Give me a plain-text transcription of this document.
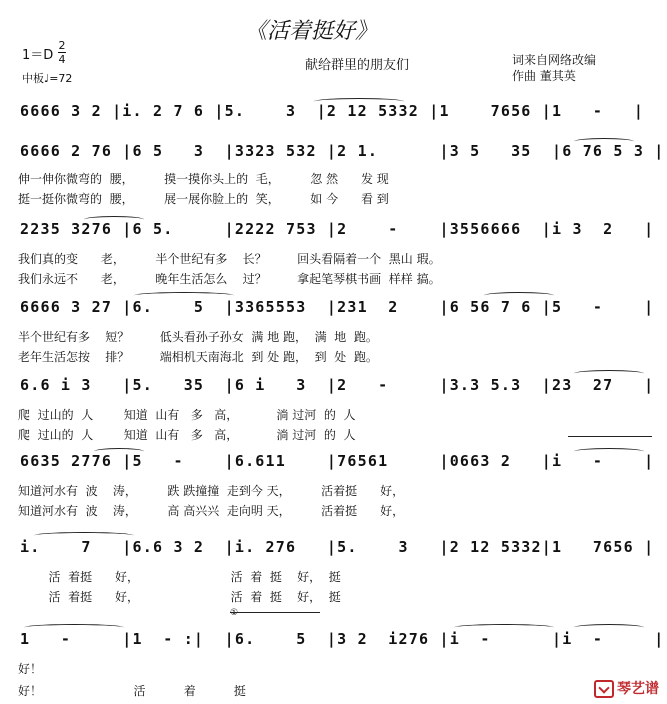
《活着挺好》
1＝D
2
4
中板♩=72
献给群里的朋友们	词来自网络改编
作曲 董其英
6666 3 2 |i. 2 7 6 |5.    3  |2 12 5332 |1    7656 |1   -   |
6666 2 76 |6 5   3  |3323 532 |2 1.      |3 5   35  |6 76 5 3 |
伸一伸你微弯的  腰，        摸一摸你头上的  毛，        忽 然      发 现
挺一挺你微弯的  腰，        展一展你脸上的  笑，        如 今      看 到
2235 3276 |6 5.     |2222 753 |2    -    |3556666  |i 3  2   |
我们真的变      老，        半个世纪有多    长？        回头看隔着一个  黑山 瑕。
我们永远不      老，        晚年生活怎么    过？        拿起笔琴棋书画  样样 搞。
6666 3 27 |6.    5  |3365553  |231  2    |6 56 7 6 |5   -    |
半个世纪有多    短？        低头看孙子孙女  满 地 跑，  满  地  跑。
老年生活怎按    排？        端相机天南海北  到 处 跑，  到  处  跑。
6.6 i 3   |5.   35  |6 i   3  |2   -     |3.3 5.3  |23  27   |
爬  过山的  人        知道  山有   多   高，          淌 过河  的  人
爬  过山的  人        知道  山有   多   高，          淌 过河  的  人
6635 2776 |5   -    |6.611    |76561     |0663 2   |i   -    |
知道河水有  波    涛，        跌 跌撞撞  走到今 天，        活着挺      好，
知道河水有  波    涛，        高 高兴兴  走向明 天，        活着挺      好，
i.    7   |6.6 3 2  |i. 276   |5.    3   |2 12 5332|1   7656 |
活  着挺      好，                        活  着  挺    好，  挺
活  着挺      好，                        活  着  挺    好，  挺
①
1   -     |1  - :|  |6.    5  |3 2  i276 |i  -      |i  -     |
好！
好！                        活          着          挺	琴艺谱
